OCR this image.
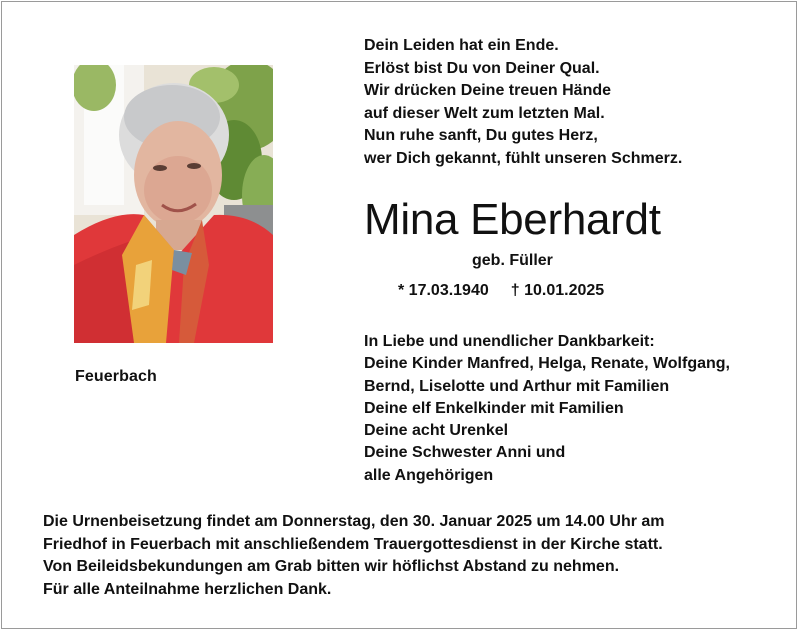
Feuerbach
Dein Leiden hat ein Ende.
Erlöst bist Du von Deiner Qual.
Wir drücken Deine treuen Hände
auf dieser Welt zum letzten Mal.
Nun ruhe sanft, Du gutes Herz,
wer Dich gekannt, fühlt unseren Schmerz.
Mina Eberhardt
geb. Füller
* 17.03.1940 † 10.01.2025
In Liebe und unendlicher Dankbarkeit:
Deine Kinder Manfred, Helga, Renate, Wolfgang,
Bernd, Liselotte und Arthur mit Familien
Deine elf Enkelkinder mit Familien
Deine acht Urenkel
Deine Schwester Anni und
alle Angehörigen
Die Urnenbeisetzung findet am Donnerstag, den 30. Januar 2025 um 14.00 Uhr am
Friedhof in Feuerbach mit anschließendem Trauergottesdienst in der Kirche statt.
Von Beileidsbekundungen am Grab bitten wir höflichst Abstand zu nehmen.
Für alle Anteilnahme herzlichen Dank.
